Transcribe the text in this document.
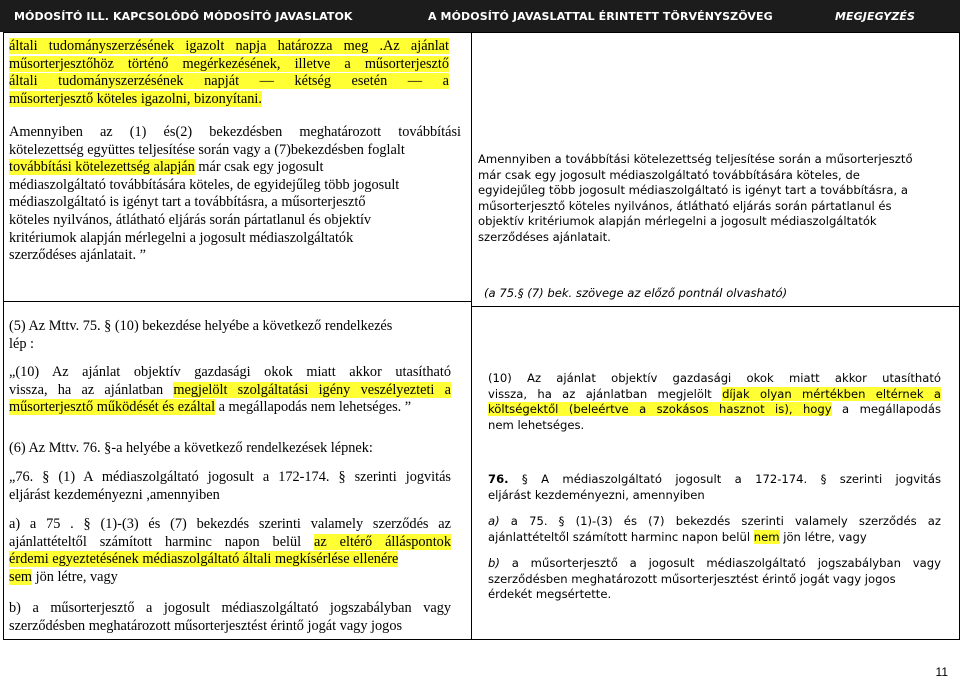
MÓDOSÍTÓ ILL. KAPCSOLÓDÓ MÓDOSÍTÓ JAVASLATOK	A MÓDOSÍTÓ JAVASLATTAL ÉRINTETT TÖRVÉNYSZÖVEG	MEGJEGYZÉS
általi tudományszerzésének igazolt napja határozza meg .Az ajánlat
műsorterjesztőhöz történő megérkezésének, illetve a műsorterjesztő
általi tudományszerzésének napját — kétség esetén — a
műsorterjesztő köteles igazolni, bizonyítani.
Amennyiben az (1) és(2) bekezdésben meghatározott továbbítási
kötelezettség együttes teljesítése során vagy a (7)bekezdésben foglalt
továbbítási kötelezettség alapján már csak egy jogosult
médiaszolgáltató továbbítására köteles, de egyidejűleg több jogosult
médiaszolgáltató is igényt tart a továbbításra, a műsorterjesztő
köteles nyilvános, átlátható eljárás során pártatlanul és objektív
kritériumok alapján mérlegelni a jogosult médiaszolgáltatók
szerződéses ajánlatait. ”
(5) Az Mttv. 75. § (10) bekezdése helyébe a következő rendelkezés
lép :
„(10) Az ajánlat objektív gazdasági okok miatt akkor utasítható
vissza, ha az ajánlatban megjelölt szolgáltatási igény veszélyezteti a
műsorterjesztő működését és ezáltal a megállapodás nem lehetséges. ”
(6) Az Mttv. 76. §-a helyébe a következő rendelkezések lépnek:
„76. § (1) A médiaszolgáltató jogosult a 172-174. § szerinti jogvitás
eljárást kezdeményezni ,amennyiben
a) a 75 . § (1)-(3) és (7) bekezdés szerinti valamely szerződés az
ajánlattételtől számított harminc napon belül az eltérő álláspontok
érdemi egyeztetésének médiaszolgáltató általi megkísérlése ellenére
sem jön létre, vagy
b) a műsorterjesztő a jogosult médiaszolgáltató jogszabályban vagy
szerződésben meghatározott műsorterjesztést érintő jogát vagy jogos
Amennyiben a továbbítási kötelezettség teljesítése során a műsorterjesztő
már csak egy jogosult médiaszolgáltató továbbítására köteles, de
egyidejűleg több jogosult médiaszolgáltató is igényt tart a továbbításra, a
műsorterjesztő köteles nyilvános, átlátható eljárás során pártatlanul és
objektív kritériumok alapján mérlegelni a jogosult médiaszolgáltatók
szerződéses ajánlatait.
(a 75.§ (7) bek. szövege az előző pontnál olvasható)
(10) Az ajánlat objektív gazdasági okok miatt akkor utasítható
vissza, ha az ajánlatban megjelölt díjak olyan mértékben eltérnek a
költségektől (beleértve a szokásos hasznot is), hogy a megállapodás
nem lehetséges.
76. § A médiaszolgáltató jogosult a 172-174. § szerinti jogvitás
eljárást kezdeményezni, amennyiben
a) a 75. § (1)-(3) és (7) bekezdés szerinti valamely szerződés az
ajánlattételtől számított harminc napon belül nem jön létre, vagy
b) a műsorterjesztő a jogosult médiaszolgáltató jogszabályban vagy
szerződésben meghatározott műsorterjesztést érintő jogát vagy jogos
érdekét megsértette.
11
